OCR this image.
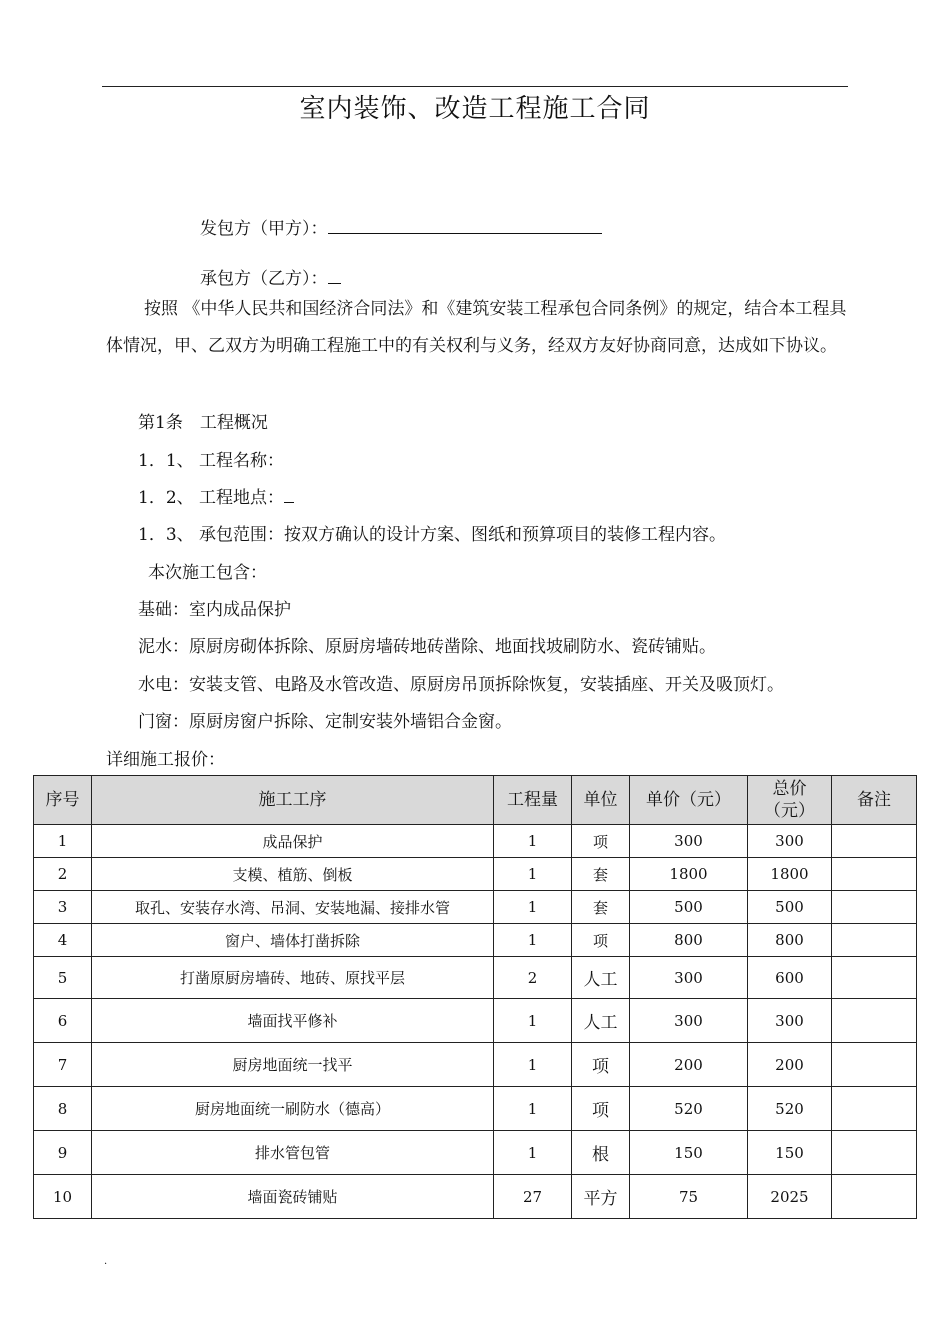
室内装饰、改造工程施工合同
发包方（甲方）：
承包方（乙方）：
按照 《中华人民共和国经济合同法》和《建筑安装工程承包合同条例》的规定，结合本工程具体情况，甲、乙双方为明确工程施工中的有关权利与义务，经双方友好协商同意，达成如下协议。
第1条　工程概况
1．1、 工程名称：
1．2、 工程地点：
1．3、 承包范围：按双方确认的设计方案、图纸和预算项目的装修工程内容。
本次施工包含：
基础：室内成品保护
泥水：原厨房砌体拆除、原厨房墙砖地砖凿除、地面找坡刷防水、瓷砖铺贴。
水电：安装支管、电路及水管改造、原厨房吊顶拆除恢复，安装插座、开关及吸顶灯。
门窗：原厨房窗户拆除、定制安装外墙铝合金窗。
详细施工报价：
序号	施工工序	工程量	单位	单价（元）	总价（元）	备注
1	成品保护	1	项	300	300	
2	支模、植筋、倒板	1	套	1800	1800	
3	取孔、安装存水湾、吊洞、安装地漏、接排水管	1	套	500	500	
4	窗户、墙体打凿拆除	1	项	800	800	
5	打凿原厨房墙砖、地砖、原找平层	2	人工	300	600	
6	墙面找平修补	1	人工	300	300	
7	厨房地面统一找平	1	项	200	200	
8	厨房地面统一刷防水（德高）	1	项	520	520	
9	排水管包管	1	根	150	150	
10	墙面瓷砖铺贴	27	平方	75	2025	
.
